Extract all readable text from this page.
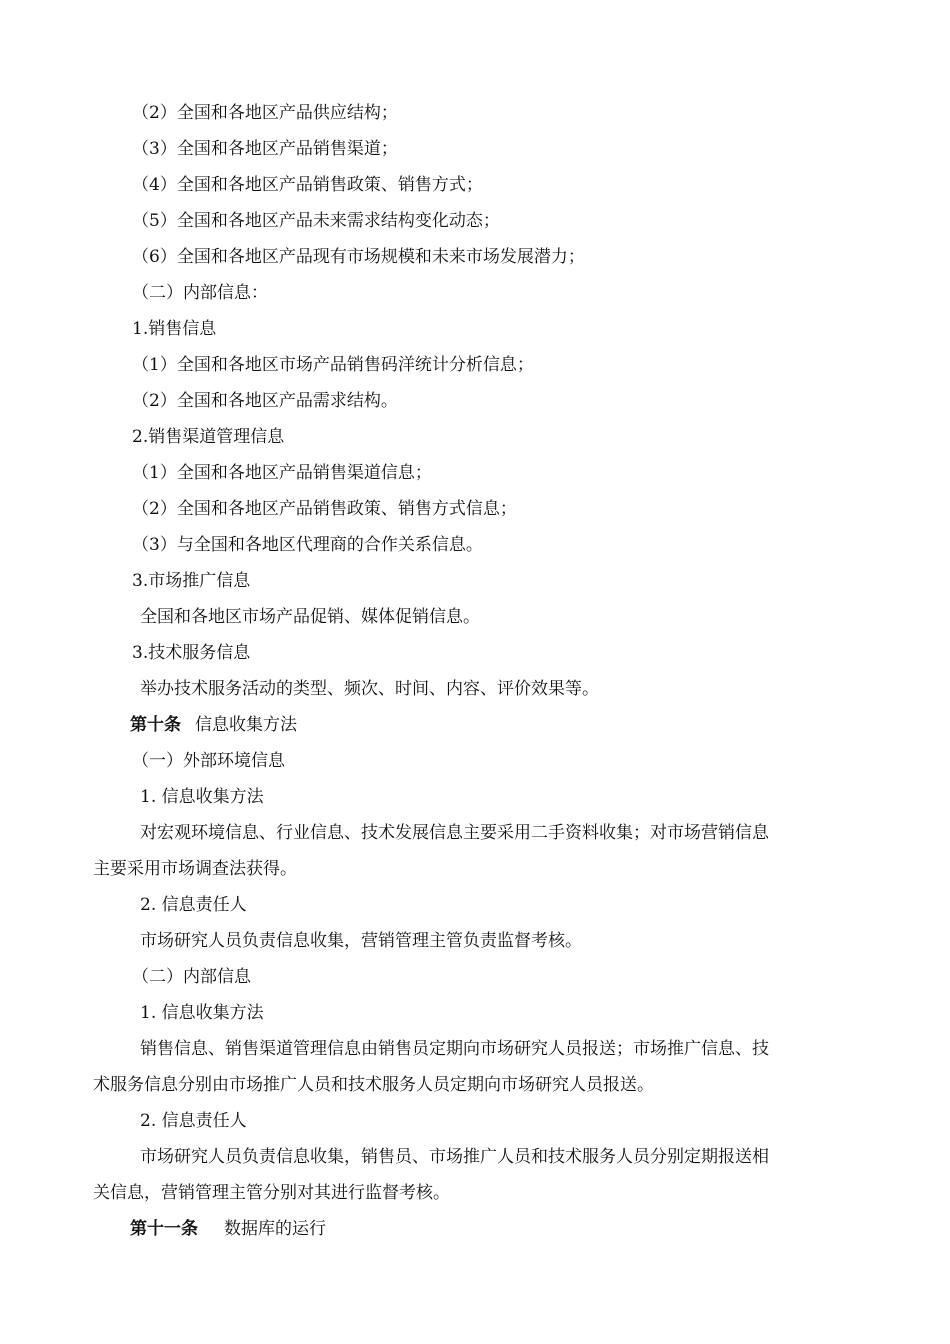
（2）全国和各地区产品供应结构；
（3）全国和各地区产品销售渠道；
（4）全国和各地区产品销售政策、销售方式；
（5）全国和各地区产品未来需求结构变化动态；
（6）全国和各地区产品现有市场规模和未来市场发展潜力；
（二）内部信息：
1.销售信息
（1）全国和各地区市场产品销售码洋统计分析信息；
（2）全国和各地区产品需求结构。
2.销售渠道管理信息
（1）全国和各地区产品销售渠道信息；
（2）全国和各地区产品销售政策、销售方式信息；
（3）与全国和各地区代理商的合作关系信息。
3.市场推广信息
全国和各地区市场产品促销、媒体促销信息。
3.技术服务信息
举办技术服务活动的类型、频次、时间、内容、评价效果等。
第十条 信息收集方法
（一）外部环境信息
1. 信息收集方法
对宏观环境信息、行业信息、技术发展信息主要采用二手资料收集；对市场营销信息
主要采用市场调查法获得。
2. 信息责任人
市场研究人员负责信息收集，营销管理主管负责监督考核。
（二）内部信息
1. 信息收集方法
销售信息、销售渠道管理信息由销售员定期向市场研究人员报送；市场推广信息、技
术服务信息分别由市场推广人员和技术服务人员定期向市场研究人员报送。
2. 信息责任人
市场研究人员负责信息收集，销售员、市场推广人员和技术服务人员分别定期报送相
关信息，营销管理主管分别对其进行监督考核。
第十一条 数据库的运行
